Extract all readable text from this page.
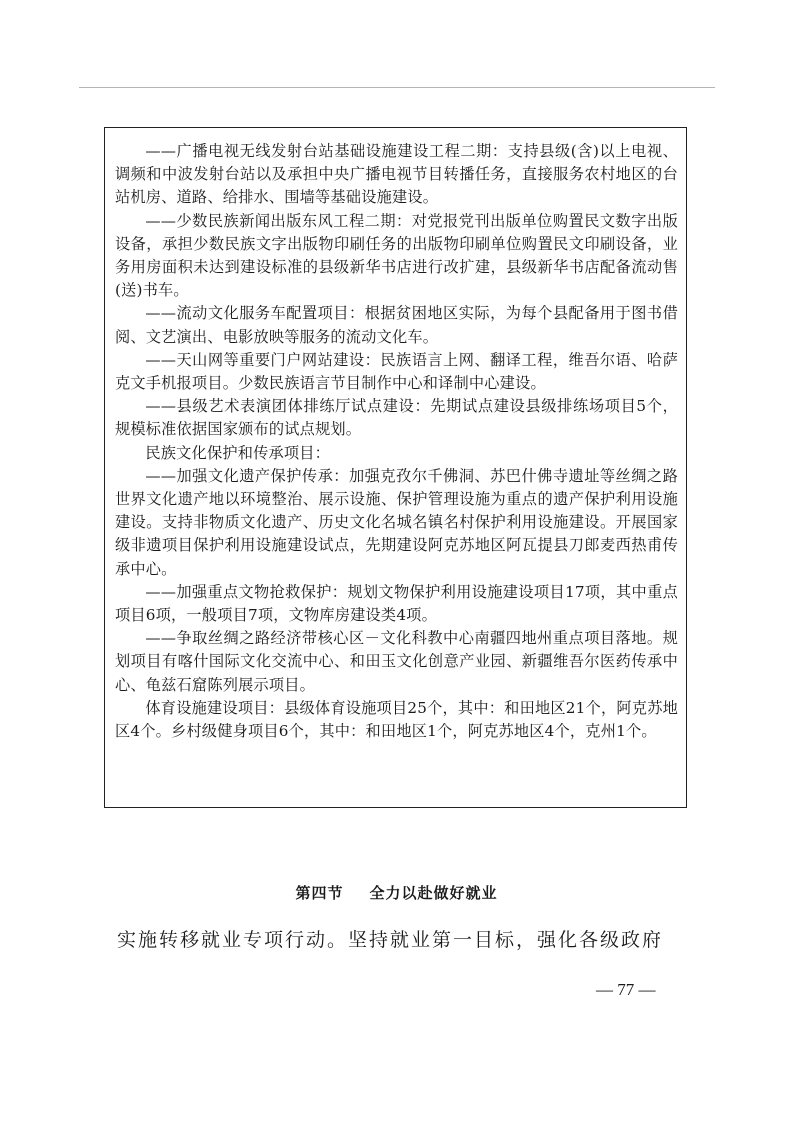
——广播电视无线发射台站基础设施建设工程二期：支持县级(含)以上电视、调频和中波发射台站以及承担中央广播电视节目转播任务，直接服务农村地区的台站机房、道路、给排水、围墙等基础设施建设。

——少数民族新闻出版东风工程二期：对党报党刊出版单位购置民文数字出版设备，承担少数民族文字出版物印刷任务的出版物印刷单位购置民文印刷设备，业务用房面积未达到建设标准的县级新华书店进行改扩建，县级新华书店配备流动售(送)书车。

——流动文化服务车配置项目：根据贫困地区实际，为每个县配备用于图书借阅、文艺演出、电影放映等服务的流动文化车。

——天山网等重要门户网站建设：民族语言上网、翻译工程，维吾尔语、哈萨克文手机报项目。少数民族语言节目制作中心和译制中心建设。

——县级艺术表演团体排练厅试点建设：先期试点建设县级排练场项目5个，规模标准依据国家颁布的试点规划。

民族文化保护和传承项目：

——加强文化遗产保护传承：加强克孜尔千佛洞、苏巴什佛寺遗址等丝绸之路世界文化遗产地以环境整治、展示设施、保护管理设施为重点的遗产保护利用设施建设。支持非物质文化遗产、历史文化名城名镇名村保护利用设施建设。开展国家级非遗项目保护利用设施建设试点，先期建设阿克苏地区阿瓦提县刀郎麦西热甫传承中心。

——加强重点文物抢救保护：规划文物保护利用设施建设项目17项，其中重点项目6项，一般项目7项，文物库房建设类4项。

——争取丝绸之路经济带核心区－文化科教中心南疆四地州重点项目落地。规划项目有喀什国际文化交流中心、和田玉文化创意产业园、新疆维吾尔医药传承中心、龟兹石窟陈列展示项目。

体育设施建设项目：县级体育设施项目25个，其中：和田地区21个，阿克苏地区4个。乡村级健身项目6个，其中：和田地区1个，阿克苏地区4个，克州1个。

第四节 全力以赴做好就业
实施转移就业专项行动。坚持就业第一目标，强化各级政府
— 77 —
